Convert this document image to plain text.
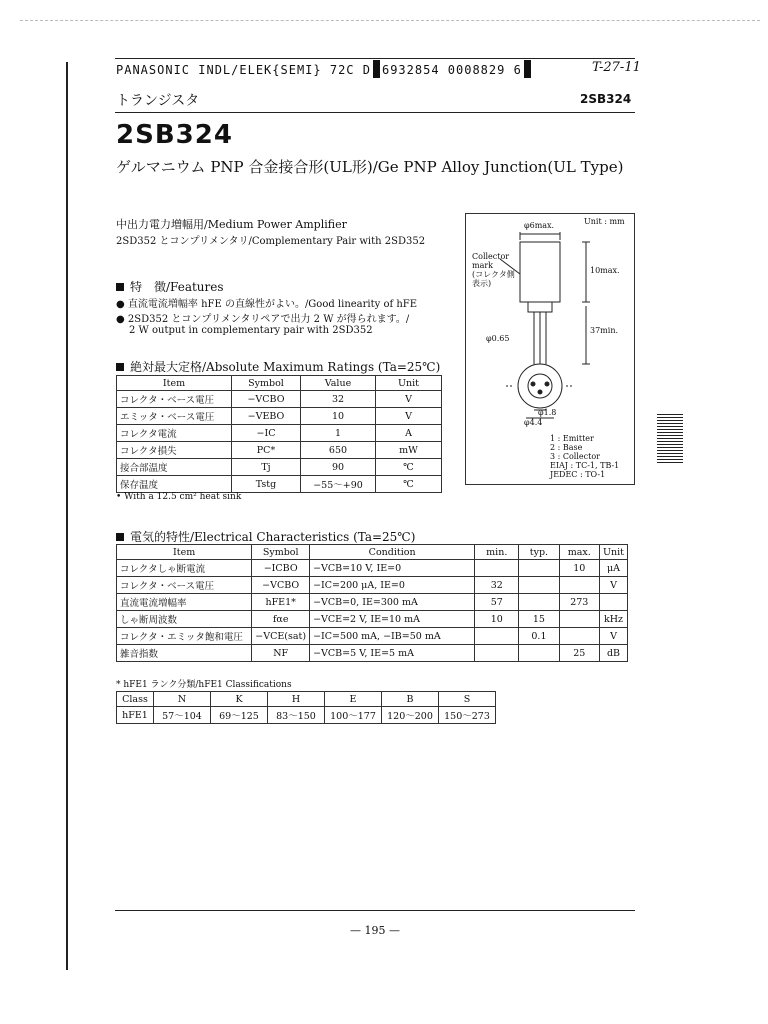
PANASONIC INDL/ELEK{SEMI} 72C D 6932854 0008829 6	T-27-11
トランジスタ	2SB324
2SB324
ゲルマニウム PNP 合金接合形(UL形)/Ge PNP Alloy Junction(UL Type)
中出力電力増幅用/Medium Power Amplifier
2SD352 とコンプリメンタリ/Complementary Pair with 2SD352
特　徴/Features
● 直流電流増幅率 hFE の直線性がよい。/Good linearity of hFE
● 2SD352 とコンプリメンタリペアで出力 2 W が得られます。/
2 W output in complementary pair with 2SD352
絶対最大定格/Absolute Maximum Ratings (Ta=25℃)
Item	Symbol	Value	Unit
コレクタ・ベース電圧	−VCBO	32	V
エミッタ・ベース電圧	−VEBO	10	V
コレクタ電流	−IC	1	A
コレクタ損失	PC*	650	mW
接合部温度	Tj	90	℃
保存温度	Tstg	−55〜+90	℃
• With a 12.5 cm² heat sink
Unit : mm
φ6max.
10max.
37min.
φ0.65
Collector
mark
(コレクタ側
表示)
φ1.8
φ4.4
1 : Emitter
2 : Base
3 : Collector
EIAJ : TC-1, TB-1
JEDEC : TO-1
電気的特性/Electrical Characteristics (Ta=25℃)
Item	Symbol	Condition	min.	typ.	max.	Unit
コレクタしゃ断電流	−ICBO	−VCB=10 V, IE=0			10	μA
コレクタ・ベース電圧	−VCBO	−IC=200 μA, IE=0	32			V
直流電流増幅率	hFE1*	−VCB=0, IE=300 mA	57		273	
しゃ断周波数	fαe	−VCE=2 V, IE=10 mA	10	15		kHz
コレクタ・エミッタ飽和電圧	−VCE(sat)	−IC=500 mA, −IB=50 mA		0.1		V
雑音指数	NF	−VCB=5 V, IE=5 mA			25	dB
* hFE1 ランク分類/hFE1 Classifications
Class	N	K	H	E	B	S
hFE1	57〜104	69〜125	83〜150	100〜177	120〜200	150〜273
— 195 —
